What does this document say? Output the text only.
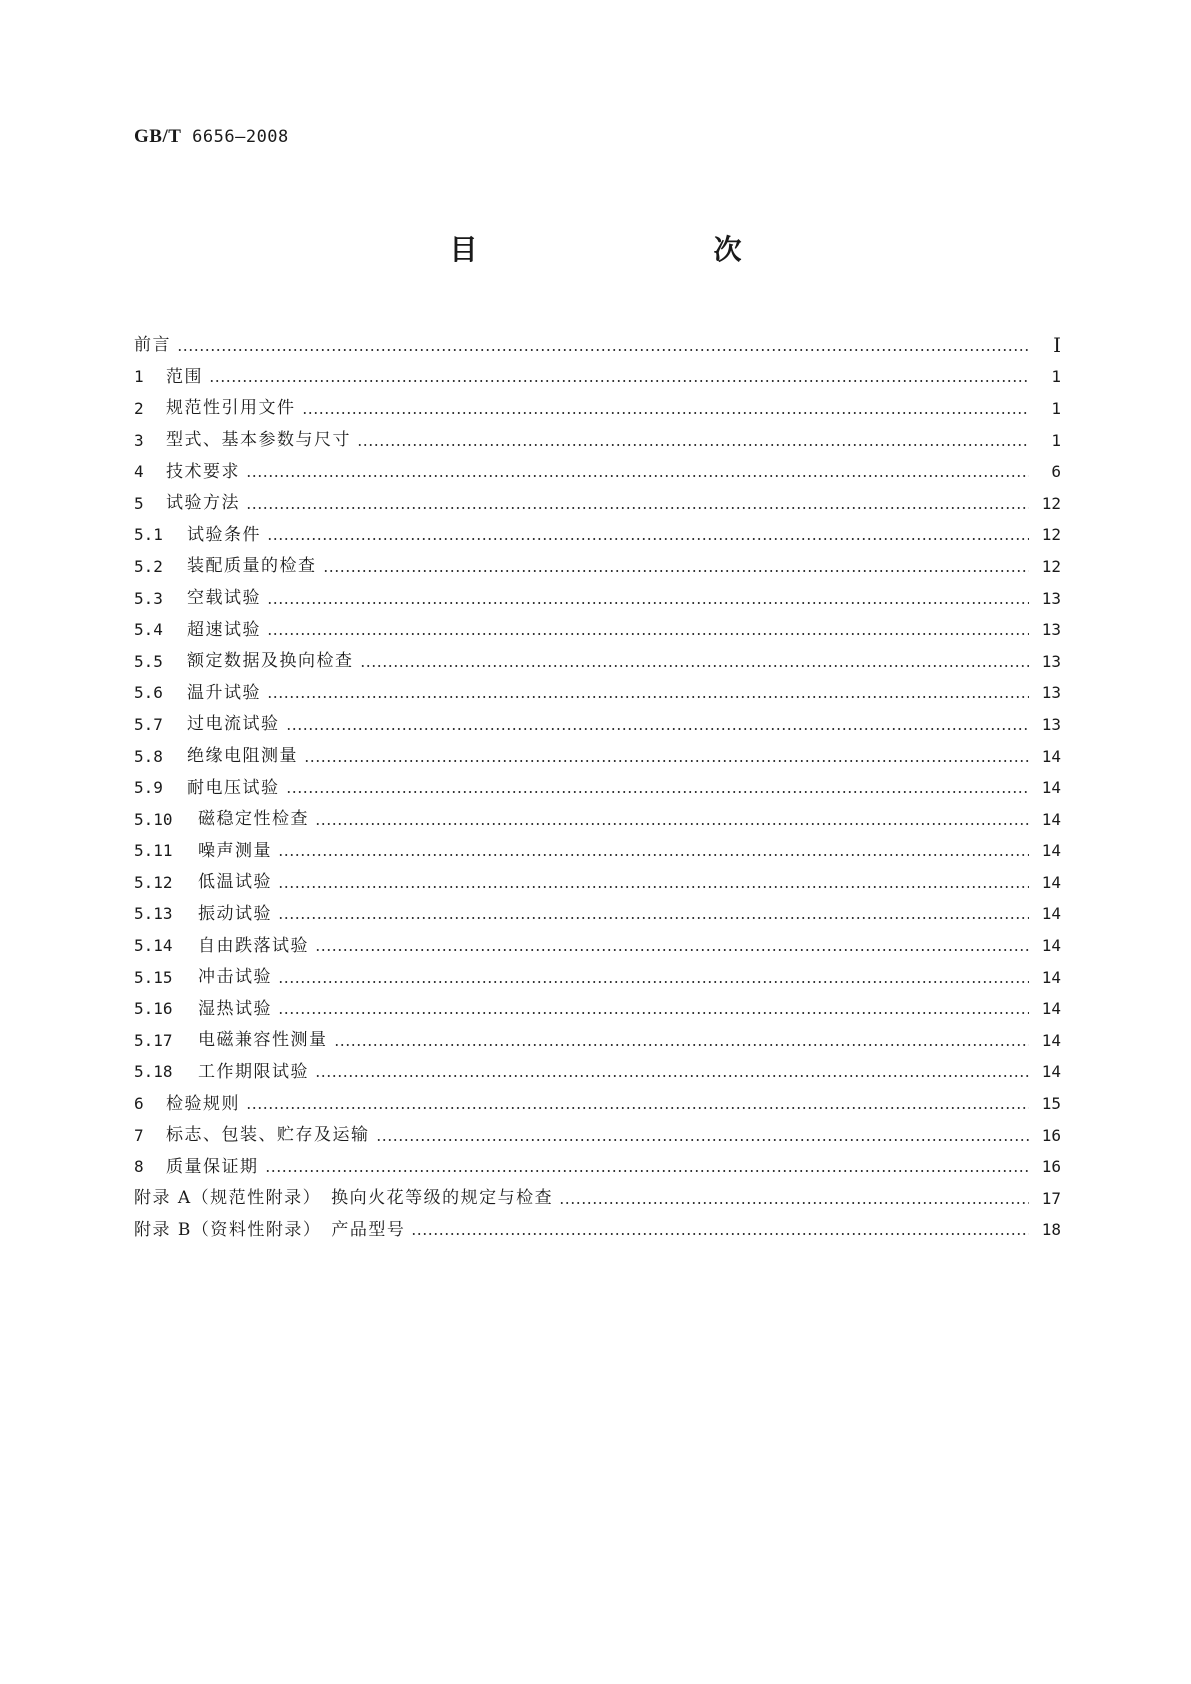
GB/T 6656—2008
目　　次
前言	Ⅰ
1	范围	1
2	规范性引用文件	1
3	型式、基本参数与尺寸	1
4	技术要求	6
5	试验方法	12
5.1	试验条件	12
5.2	装配质量的检查	12
5.3	空载试验	13
5.4	超速试验	13
5.5	额定数据及换向检查	13
5.6	温升试验	13
5.7	过电流试验	13
5.8	绝缘电阻测量	14
5.9	耐电压试验	14
5.10	磁稳定性检查	14
5.11	噪声测量	14
5.12	低温试验	14
5.13	振动试验	14
5.14	自由跌落试验	14
5.15	冲击试验	14
5.16	湿热试验	14
5.17	电磁兼容性测量	14
5.18	工作期限试验	14
6	检验规则	15
7	标志、包装、贮存及运输	16
8	质量保证期	16
附录 A（规范性附录）　换向火花等级的规定与检查	17
附录 B（资料性附录）　产品型号	18
